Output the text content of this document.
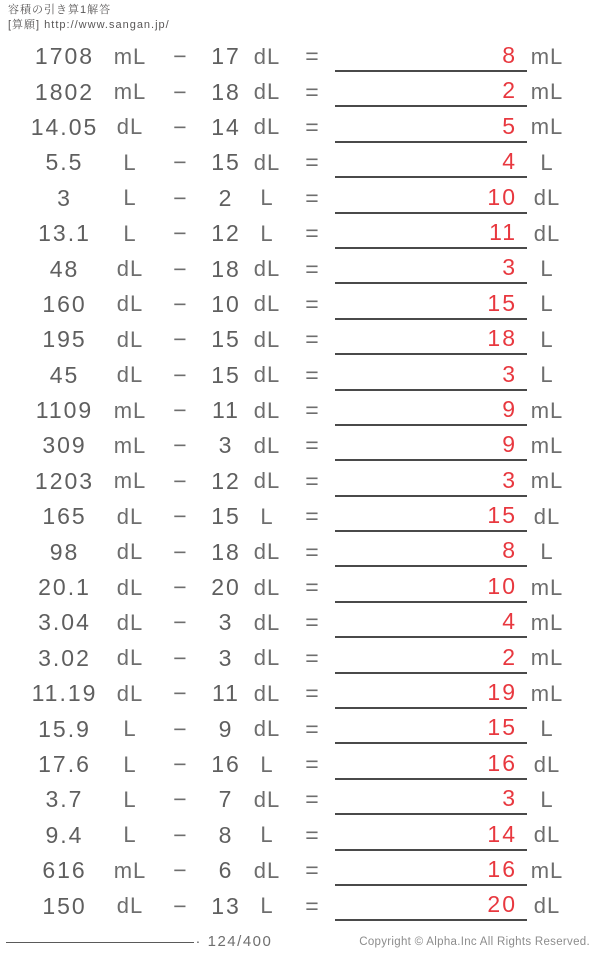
容積の引き算1解答
[算願] http://www.sangan.jp/
1708 mL	−	17 dL	=	8 mL
1802 mL	−	18 dL	=	2 mL
14.05 dL	−	14 dL	=	5 mL
5.5	L	−	15 dL	=	4	L
3	L	−	2	L	=	10 dL
13.1	L	−	12 L	=	11 dL
48	dL	−	18 dL	=	3	L
160	dL	−	10 dL	=	15	L
195	dL	−	15 dL	=	18	L
45	dL	−	15 dL	=	3	L
1109 mL	−	11 dL	=	9 mL
309	mL	−	3 dL	=	9 mL
1203 mL	−	12 dL	=	3 mL
165	dL	−	15 L	=	15 dL
98	dL	−	18 dL	=	8	L
20.1	dL	−	20 dL	=	10 mL
3.04	dL	−	3 dL	=	4 mL
3.02	dL	−	3 dL	=	2 mL
11.19 dL	−	11 dL	=	19 mL
15.9	L	−	9 dL	=	15	L
17.6	L	−	16 L	=	16 dL
3.7	L	−	7 dL	=	3	L
9.4	L	−	8	L	=	14 dL
616	mL	−	6 dL	=	16 mL
150	dL	−	13 L	=	20 dL
. 124/400	Copyright © Alpha.Inc All Rights Reserved.
